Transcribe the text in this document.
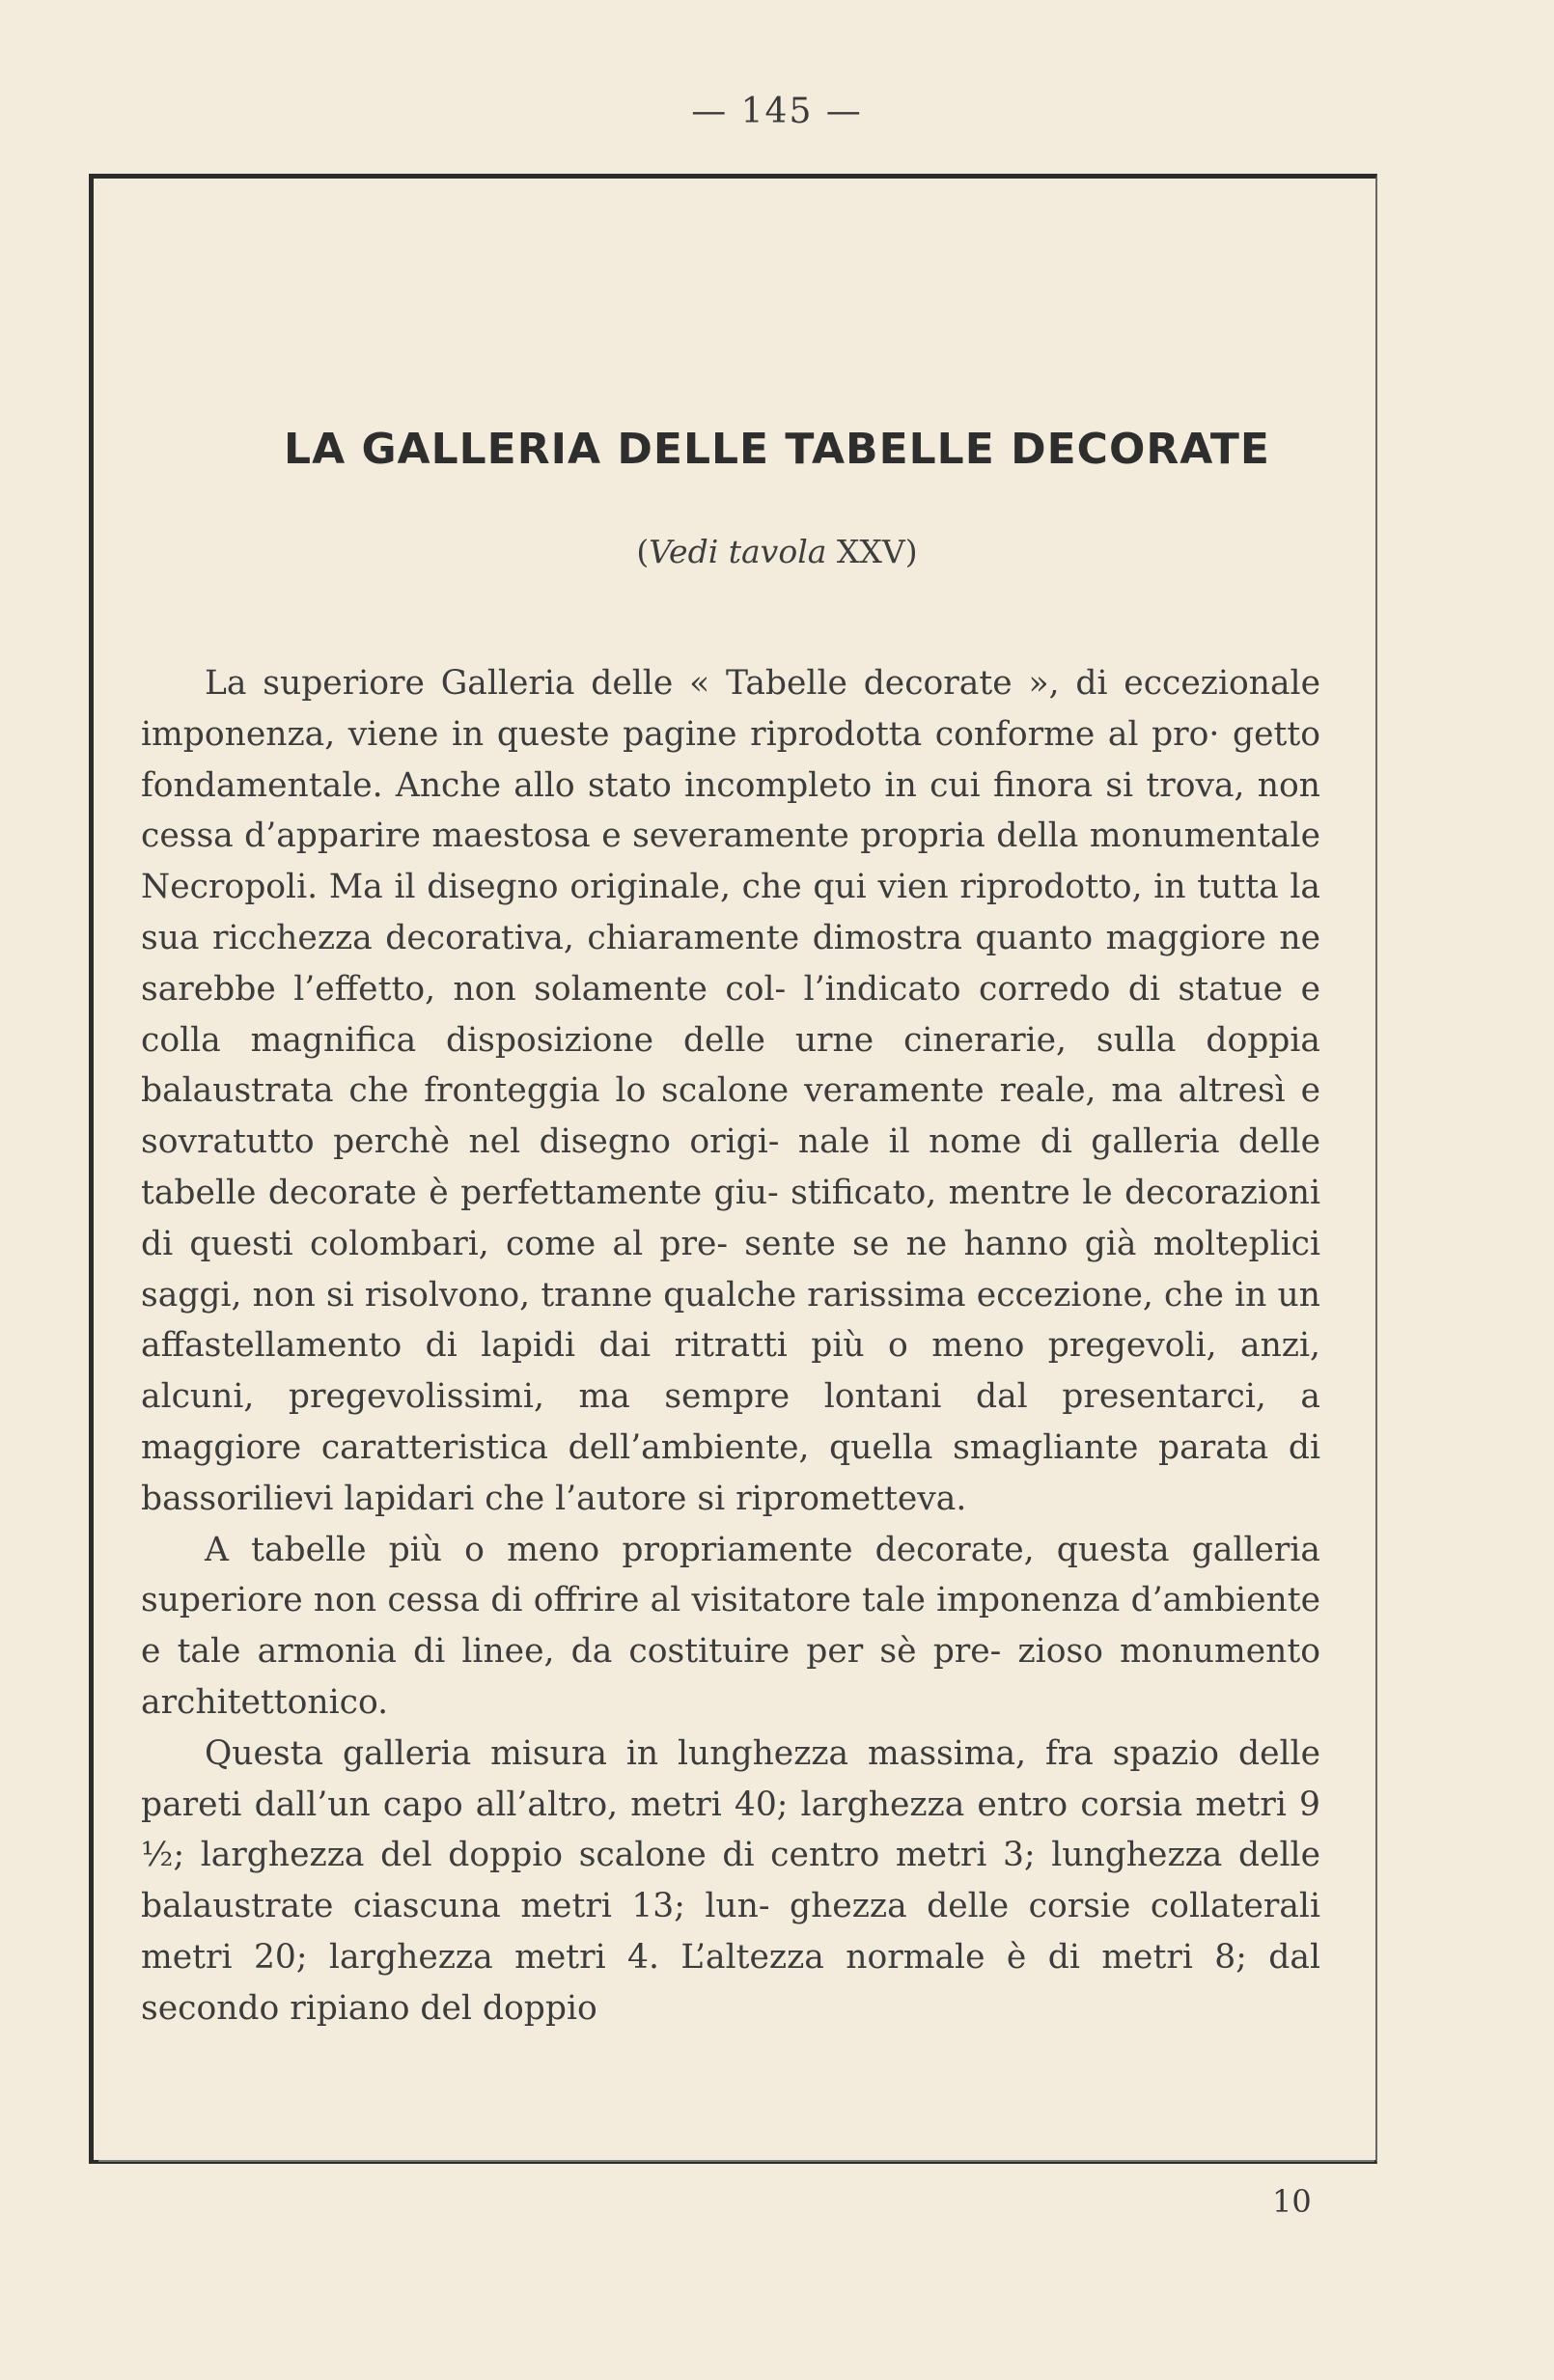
— 145 —
LA GALLERIA DELLE TABELLE DECORATE
(Vedi tavola XXV)

La superiore Galleria delle « Tabelle decorate », di eccezionale imponenza, viene in queste pagine riprodotta conforme al pro· getto fondamentale. Anche allo stato incompleto in cui finora si trova, non cessa d’apparire maestosa e severamente propria della monumentale Necropoli. Ma il disegno originale, che qui vien riprodotto, in tutta la sua ricchezza decorativa, chiaramente dimostra quanto maggiore ne sarebbe l’effetto, non solamente col- l’indicato corredo di statue e colla magnifica disposizione delle urne cinerarie, sulla doppia balaustrata che fronteggia lo scalone veramente reale, ma altresì e sovratutto perchè nel disegno origi- nale il nome di galleria delle tabelle decorate è perfettamente giu- stificato, mentre le decorazioni di questi colombari, come al pre- sente se ne hanno già molteplici saggi, non si risolvono, tranne qualche rarissima eccezione, che in un affastellamento di lapidi dai ritratti più o meno pregevoli, anzi, alcuni, pregevolissimi, ma sempre lontani dal presentarci, a maggiore caratteristica dell’ambiente, quella smagliante parata di bassorilievi lapidari che l’autore si riprometteva.

A tabelle più o meno propriamente decorate, questa galleria superiore non cessa di offrire al visitatore tale imponenza d’ambiente e tale armonia di linee, da costituire per sè pre- zioso monumento architettonico.

Questa galleria misura in lunghezza massima, fra spazio delle pareti dall’un capo all’altro, metri 40; larghezza entro corsia metri 9 ½; larghezza del doppio scalone di centro metri 3; lunghezza delle balaustrate ciascuna metri 13; lun- ghezza delle corsie collaterali metri 20; larghezza metri 4. L’altezza normale è di metri 8; dal secondo ripiano del doppio

10
